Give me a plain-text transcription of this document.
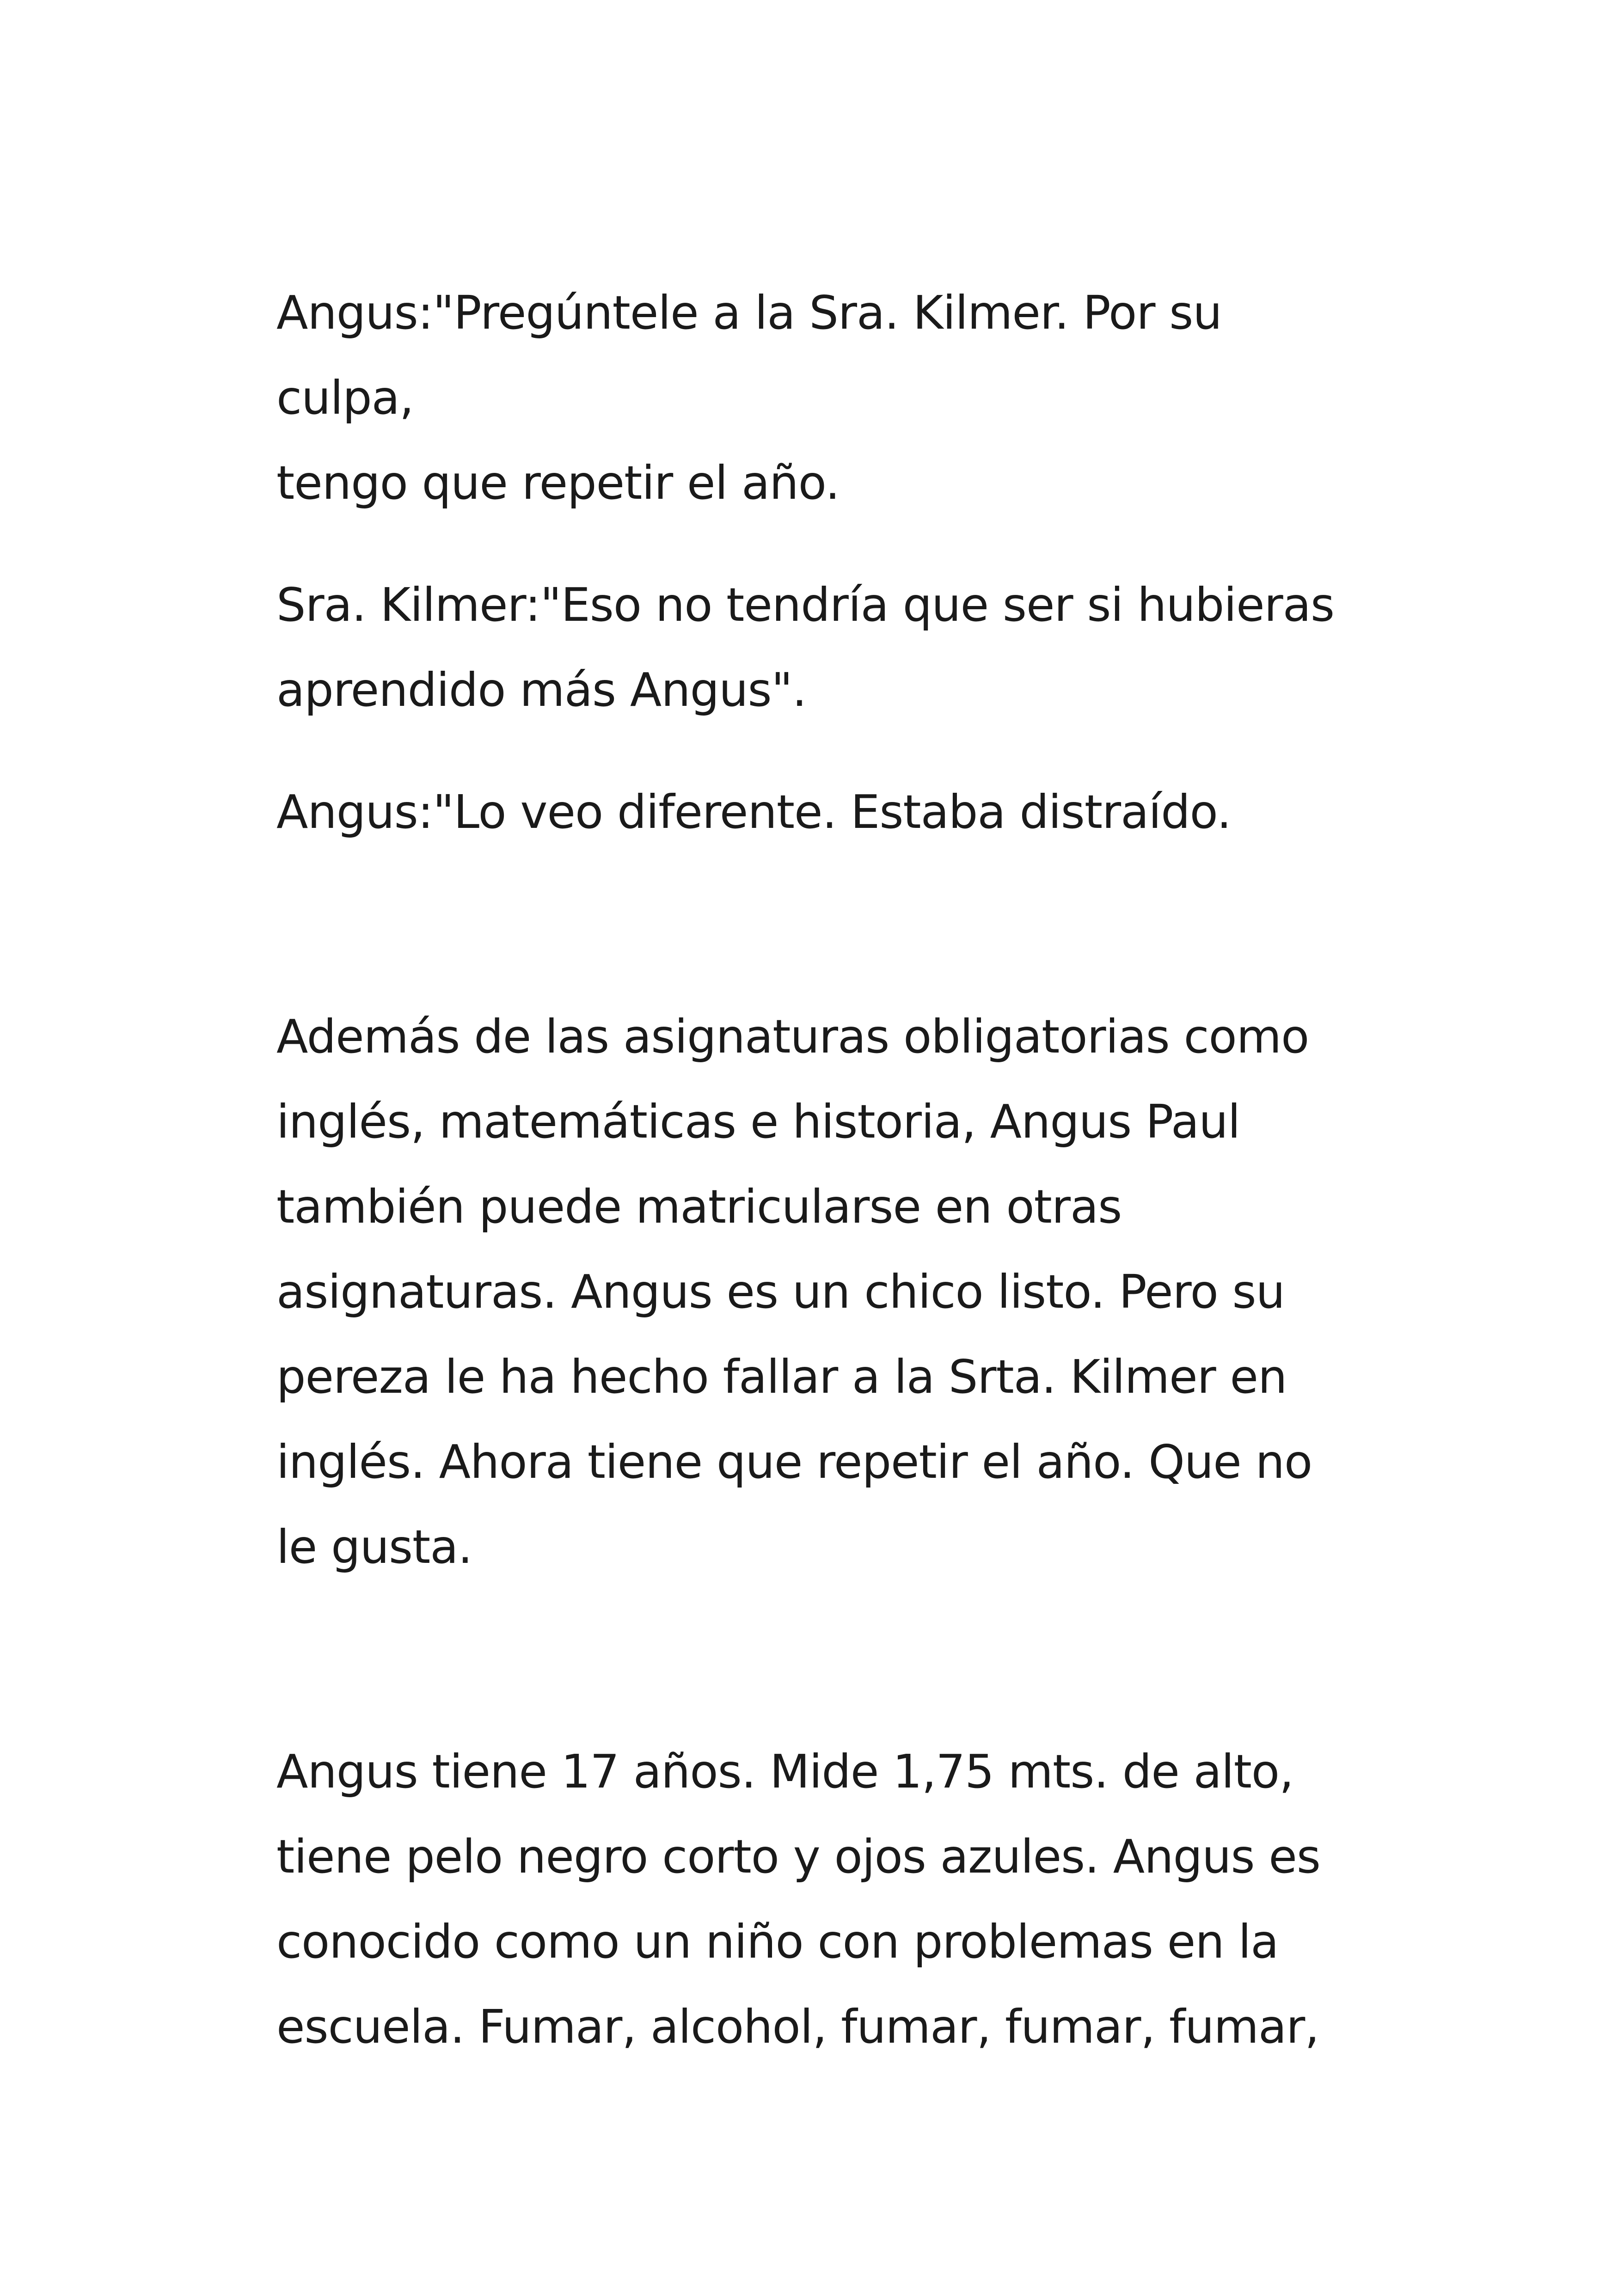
Angus:"Pregúntele a la Sra. Kilmer. Por su culpa,
tengo que repetir el año.

Sra. Kilmer:"Eso no tendría que ser si hubieras
aprendido más Angus".

Angus:"Lo veo diferente. Estaba distraído.

Además de las asignaturas obligatorias como
inglés, matemáticas e historia, Angus Paul
también puede matricularse en otras
asignaturas. Angus es un chico listo. Pero su
pereza le ha hecho fallar a la Srta. Kilmer en
inglés. Ahora tiene que repetir el año. Que no
le gusta.

Angus tiene 17 años. Mide 1,75 mts. de alto,
tiene pelo negro corto y ojos azules. Angus es
conocido como un niño con problemas en la
escuela. Fumar, alcohol, fumar, fumar, fumar,
